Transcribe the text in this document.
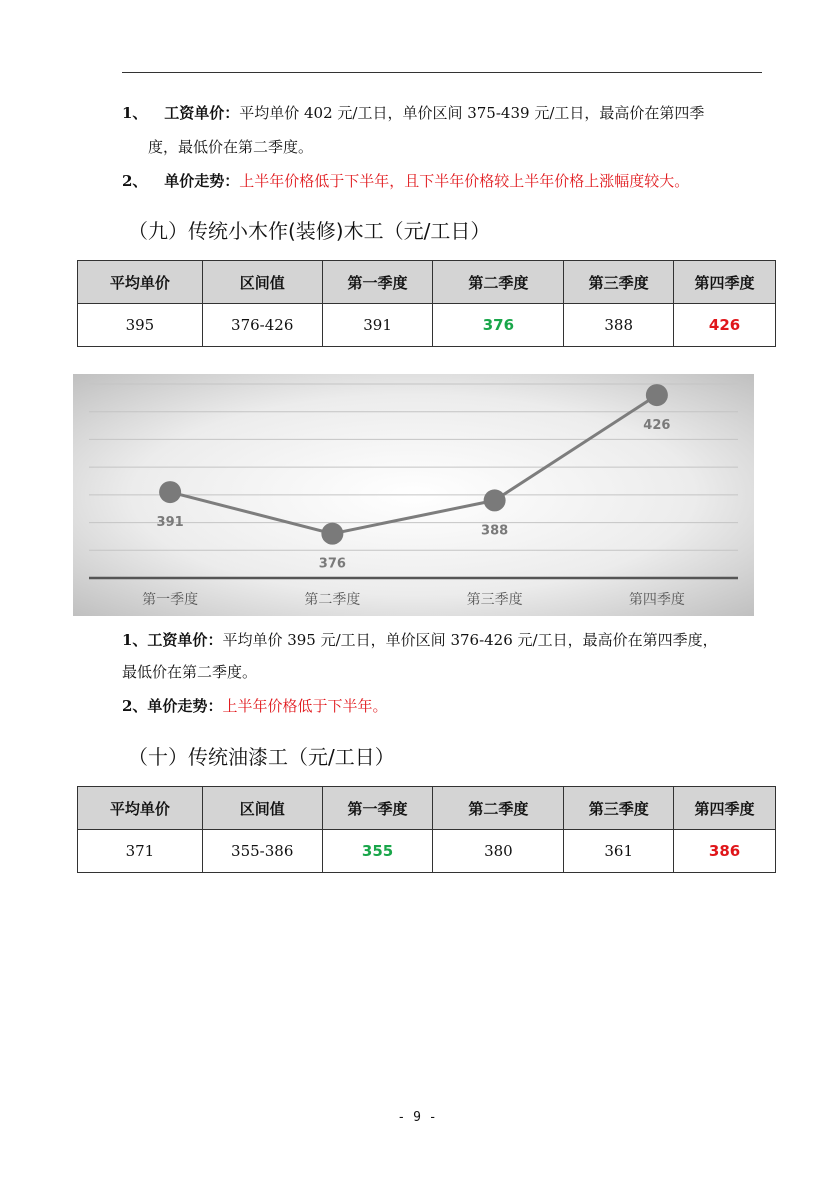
1、 工资单价：平均单价 402 元/工日，单价区间 375-439 元/工日，最高价在第四季
度，最低价在第二季度。
2、 单价走势：上半年价格低于下半年，且下半年价格较上半年价格上涨幅度较大。
（九）传统小木作(装修)木工（元/工日）
平均单价	区间值	第一季度	第二季度	第三季度	第四季度
395	376-426	391	376	388	426
391
376
388
426
第一季度	第二季度	第三季度	第四季度
1、工资单价：平均单价 395 元/工日，单价区间 376-426 元/工日，最高价在第四季度，
最低价在第二季度。
2、单价走势：上半年价格低于下半年。
（十）传统油漆工（元/工日）
平均单价	区间值	第一季度	第二季度	第三季度	第四季度
371	355-386	355	380	361	386
- 9 -
